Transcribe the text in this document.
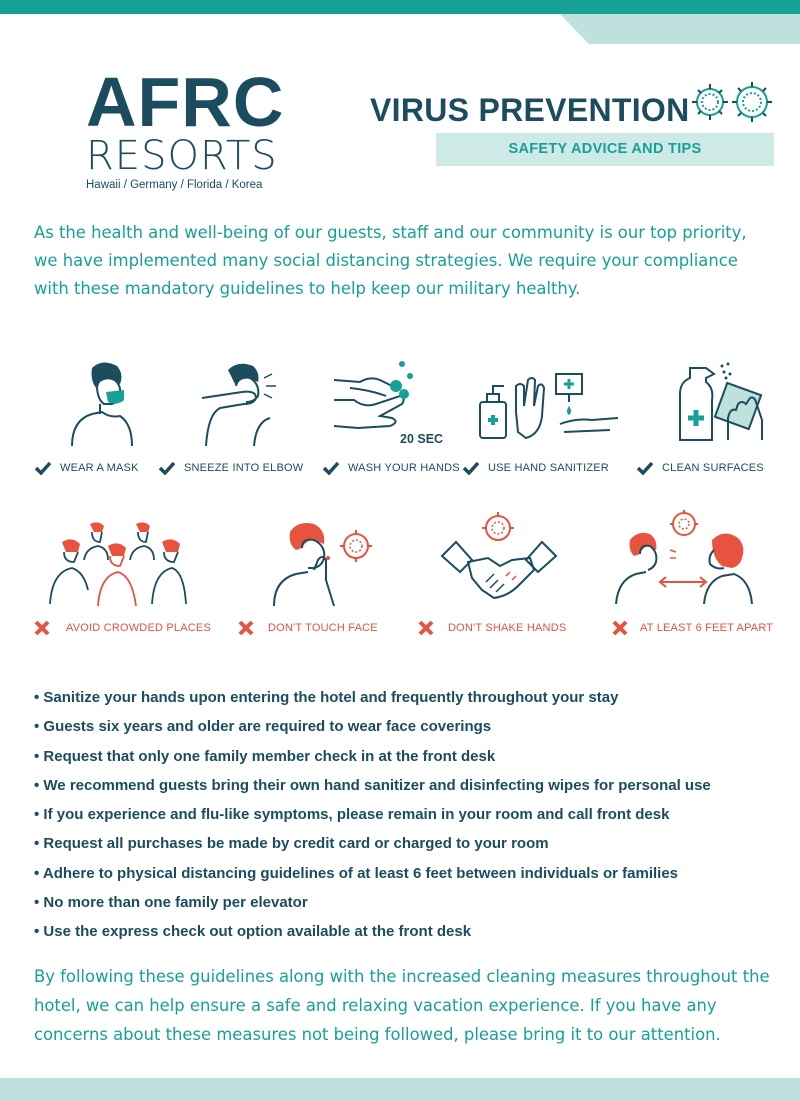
AFRC
RESORTS
Hawaii / Germany / Florida / Korea
VIRUS PREVENTION
SAFETY ADVICE AND TIPS

As the health and well-being of our guests, staff and our community is our top priority, we have implemented many social distancing strategies. We require your compliance with these mandatory guidelines to help keep our military healthy.

20 SEC
WEAR A MASK	SNEEZE INTO ELBOW	WASH YOUR HANDS	USE HAND SANITIZER	CLEAN SURFACES
AVOID CROWDED PLACES	DON'T TOUCH FACE	DON'T SHAKE HANDS	AT LEAST 6 FEET APART
• Sanitize your hands upon entering the hotel and frequently throughout your stay
• Guests six years and older are required to wear face coverings
• Request that only one family member check in at the front desk
• We recommend guests bring their own hand sanitizer and disinfecting wipes for personal use
• If you experience and flu-like symptoms, please remain in your room and call front desk
• Request all purchases be made by credit card or charged to your room
• Adhere to physical distancing guidelines of at least 6 feet between individuals or families
• No more than one family per elevator
• Use the express check out option available at the front desk

By following these guidelines along with the increased cleaning measures throughout the hotel, we can help ensure a safe and relaxing vacation experience. If you have any concerns about these measures not being followed, please bring it to our attention.
